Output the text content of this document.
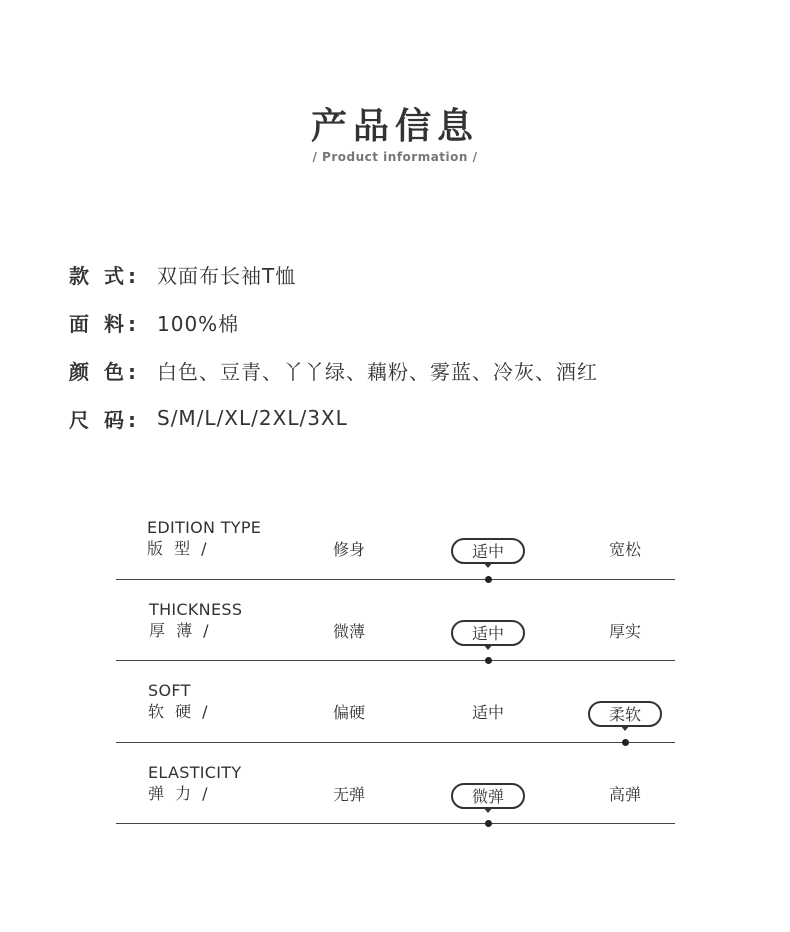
产品信息
/ Product information /
款 式: 双面布长袖T恤
面 料: 100%棉
颜 色: 白色、豆青、丫丫绿、藕粉、雾蓝、冷灰、酒红
尺 码: S/M/L/XL/2XL/3XL
EDITION TYPE
版 型 /	修身	适中	宽松
THICKNESS
厚 薄 /	微薄	适中	厚实
SOFT
软 硬 /	偏硬	适中	柔软
ELASTICITY
弹 力 /	无弹	微弹	高弹
